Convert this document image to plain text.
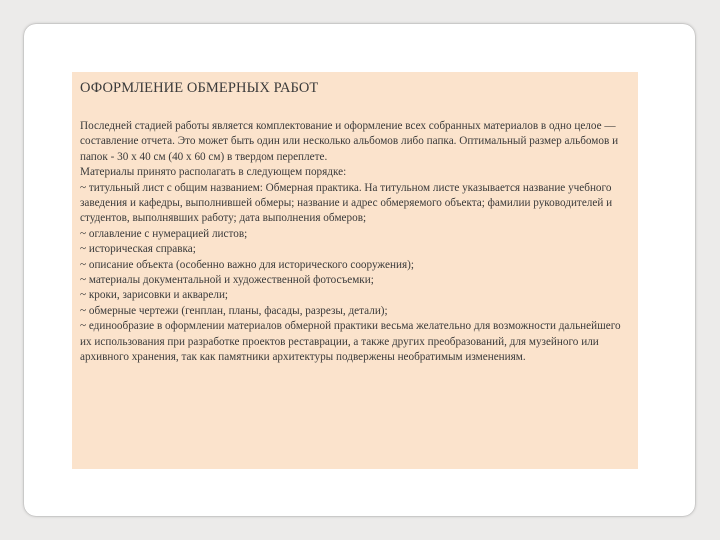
ОФОРМЛЕНИЕ ОБМЕРНЫХ РАБОТ

Последней стадией работы является комплектование и оформление всех собранных материалов в одно целое — составление отчета. Это может быть один или несколько альбомов либо папка. Оптимальный размер альбомов и папок - 30 х 40 см (40 х 60 см) в твердом переплете.

Материалы принято располагать в следующем порядке:

~ титульный лист с общим названием: Обмерная практика. На титульном листе указывается название учебного заведения и кафедры, выполнившей обмеры; название и адрес обмеряемого объекта; фамилии руководителей и студентов, выполнявших работу; дата выполнения обмеров;

~ оглавление с нумерацией листов;

~ историческая справка;

~ описание объекта (особенно важно для исторического сооружения);

~ материалы документальной и художественной фотосъемки;

~ кроки, зарисовки и акварели;

~ обмерные чертежи (генплан, планы, фасады, разрезы, детали);

~ единообразие в оформлении материалов обмерной практики весьма желательно для возможности дальнейшего их использования при разработке проектов реставрации, а также других преобразований, для музейного или архивного хранения, так как памятники архитектуры подвержены необратимым изменениям.
